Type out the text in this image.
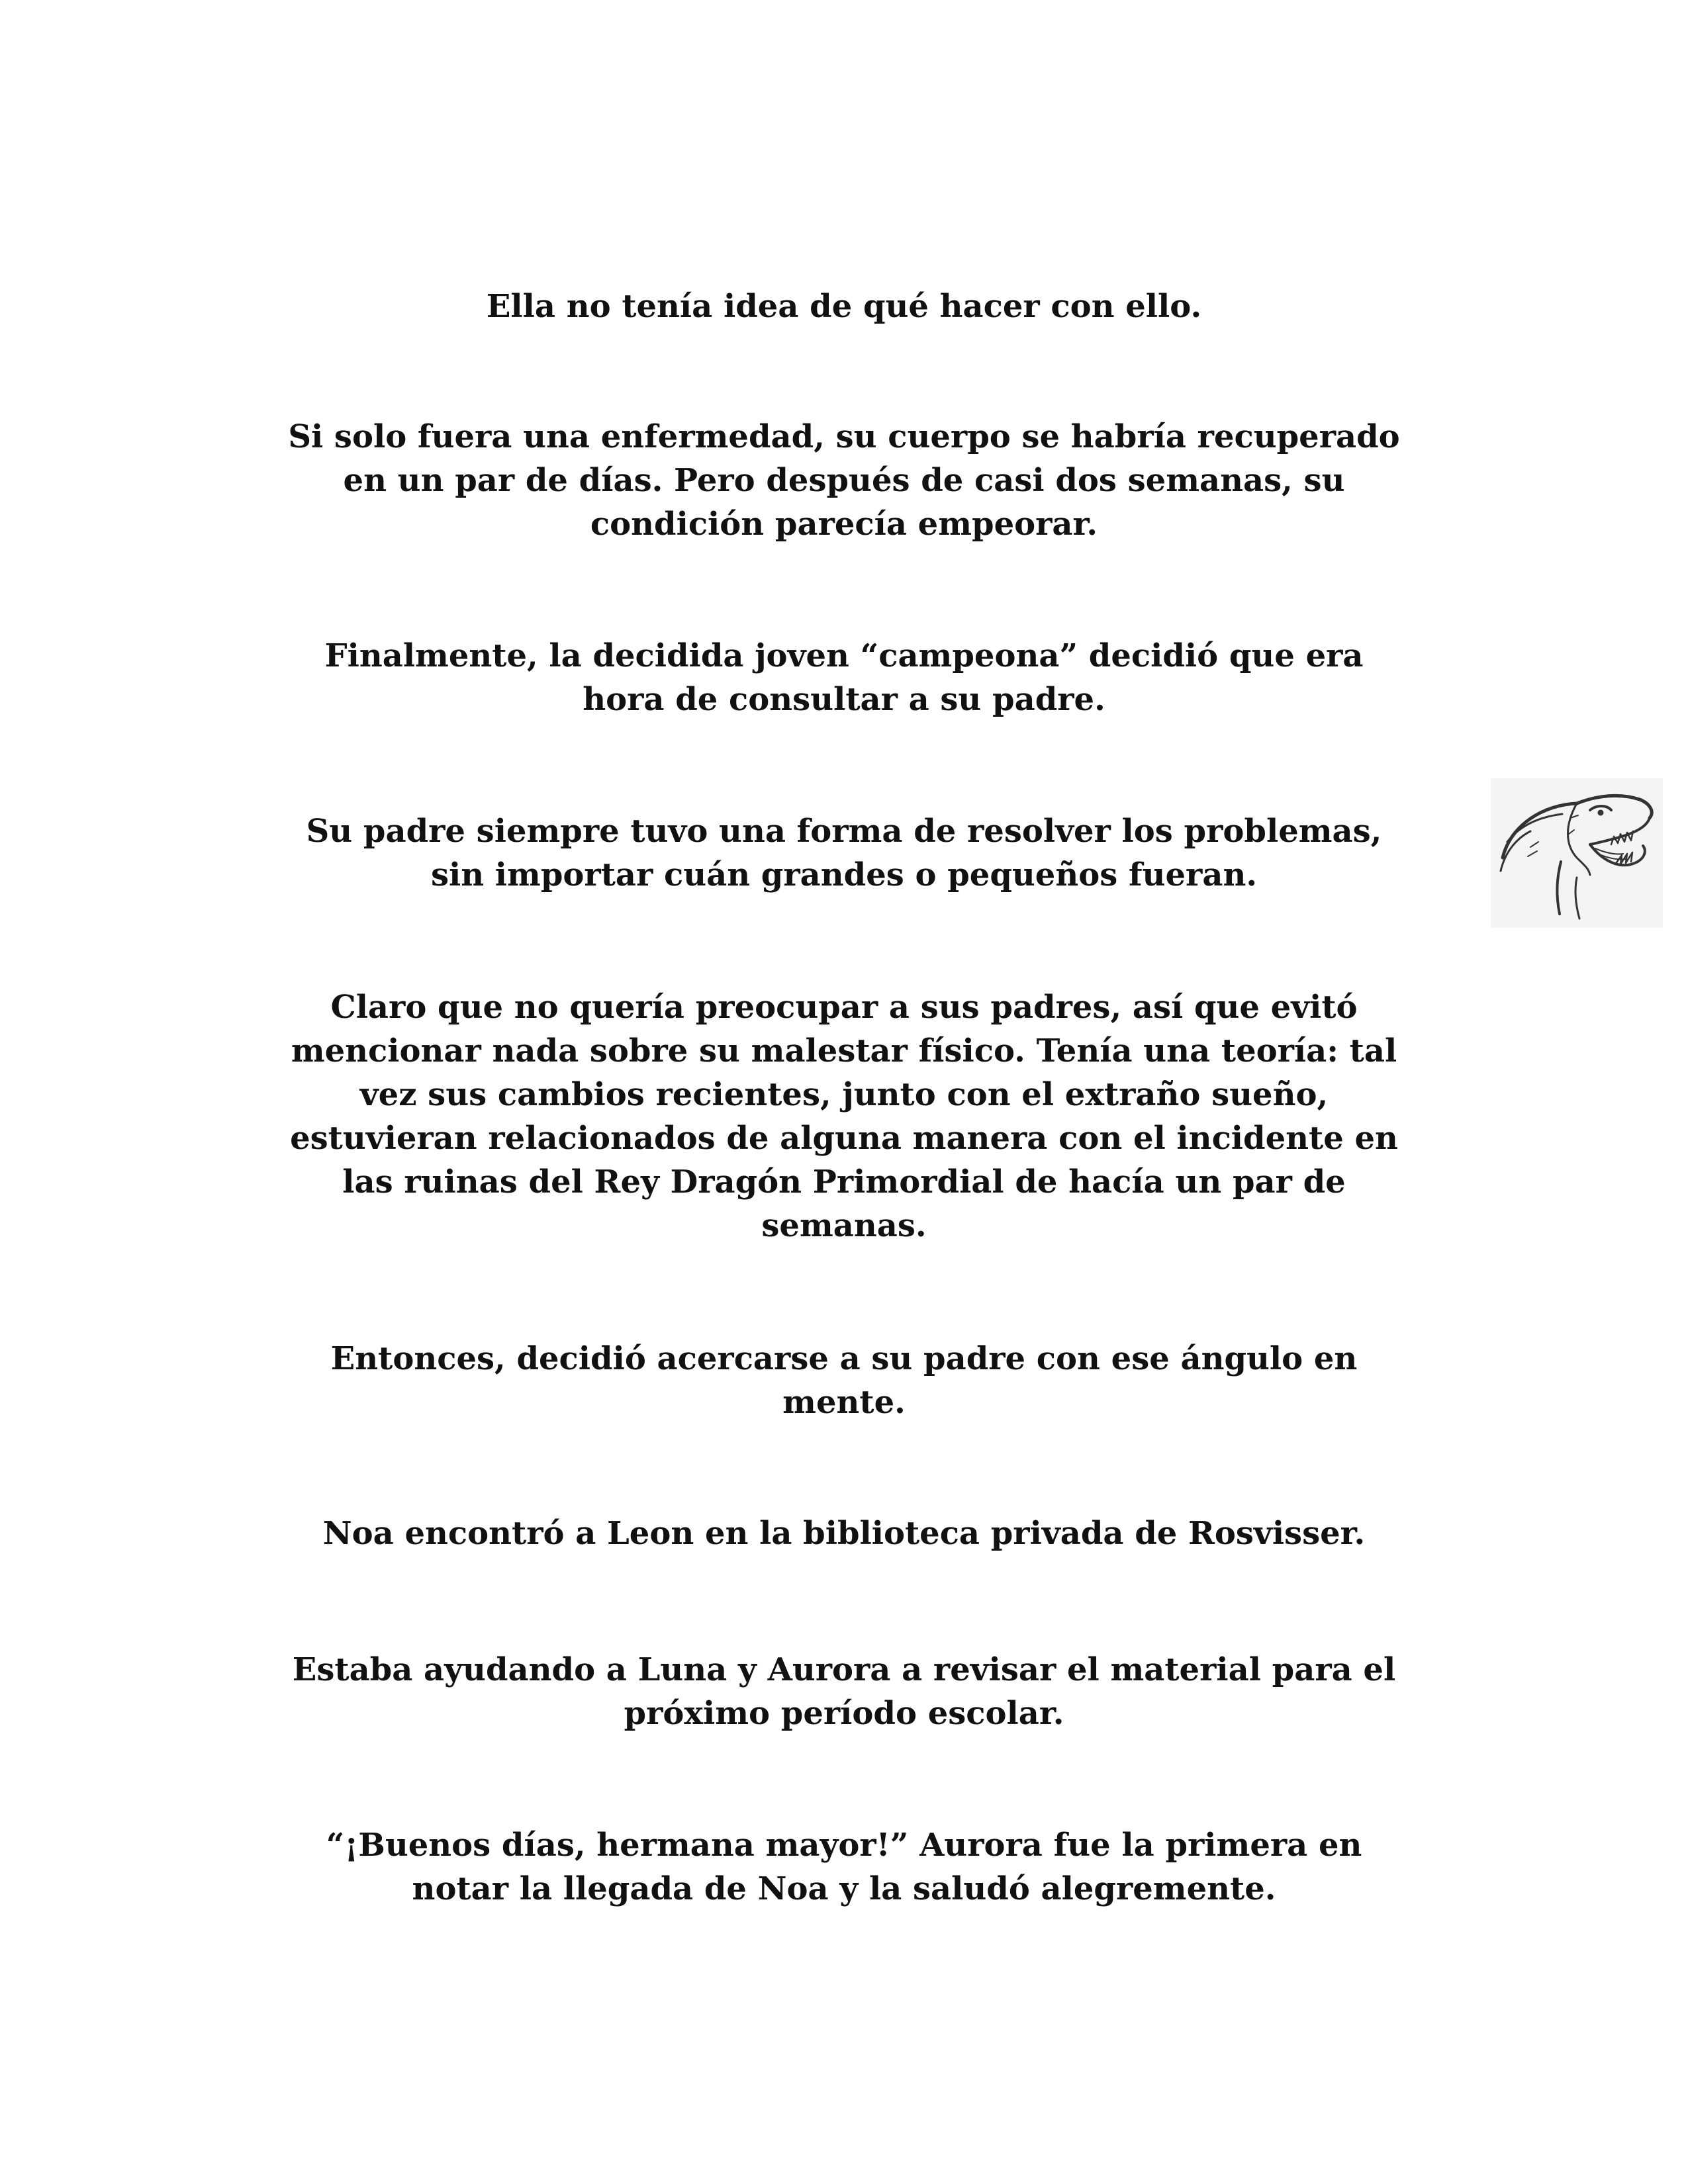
Ella no tenía idea de qué hacer con ello.

Si solo fuera una enfermedad, su cuerpo se habría recuperado
en un par de días. Pero después de casi dos semanas, su
condición parecía empeorar.

Finalmente, la decidida joven “campeona” decidió que era
hora de consultar a su padre.

Su padre siempre tuvo una forma de resolver los problemas,
sin importar cuán grandes o pequeños fueran.

Claro que no quería preocupar a sus padres, así que evitó
mencionar nada sobre su malestar físico. Tenía una teoría: tal
vez sus cambios recientes, junto con el extraño sueño,
estuvieran relacionados de alguna manera con el incidente en
las ruinas del Rey Dragón Primordial de hacía un par de
semanas.

Entonces, decidió acercarse a su padre con ese ángulo en
mente.

Noa encontró a Leon en la biblioteca privada de Rosvisser.

Estaba ayudando a Luna y Aurora a revisar el material para el
próximo período escolar.

“¡Buenos días, hermana mayor!” Aurora fue la primera en
notar la llegada de Noa y la saludó alegremente.
